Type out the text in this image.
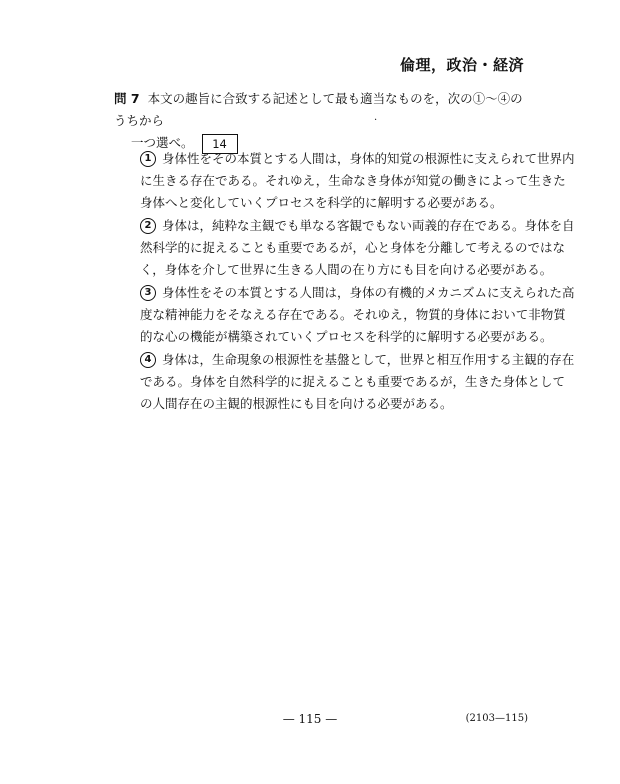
倫理，政治・経済
問 7 本文の趣旨に合致する記述として最も適当なものを，次の①〜④のうちから
一つ選べ。 14
.
1 身体性をその本質とする人間は，身体的知覚の根源性に支えられて世界内
に生きる存在である。それゆえ，生命なき身体が知覚の働きによって生きた
身体へと変化していくプロセスを科学的に解明する必要がある。
2 身体は，純粋な主観でも単なる客観でもない両義的存在である。身体を自
然科学的に捉えることも重要であるが，心と身体を分離して考えるのではな
く，身体を介して世界に生きる人間の在り方にも目を向ける必要がある。
3 身体性をその本質とする人間は，身体の有機的メカニズムに支えられた高
度な精神能力をそなえる存在である。それゆえ，物質的身体において非物質
的な心の機能が構築されていくプロセスを科学的に解明する必要がある。
4 身体は，生命現象の根源性を基盤として，世界と相互作用する主観的存在
である。身体を自然科学的に捉えることも重要であるが，生きた身体として
の人間存在の主観的根源性にも目を向ける必要がある。
— 115 —	(2103—115)
